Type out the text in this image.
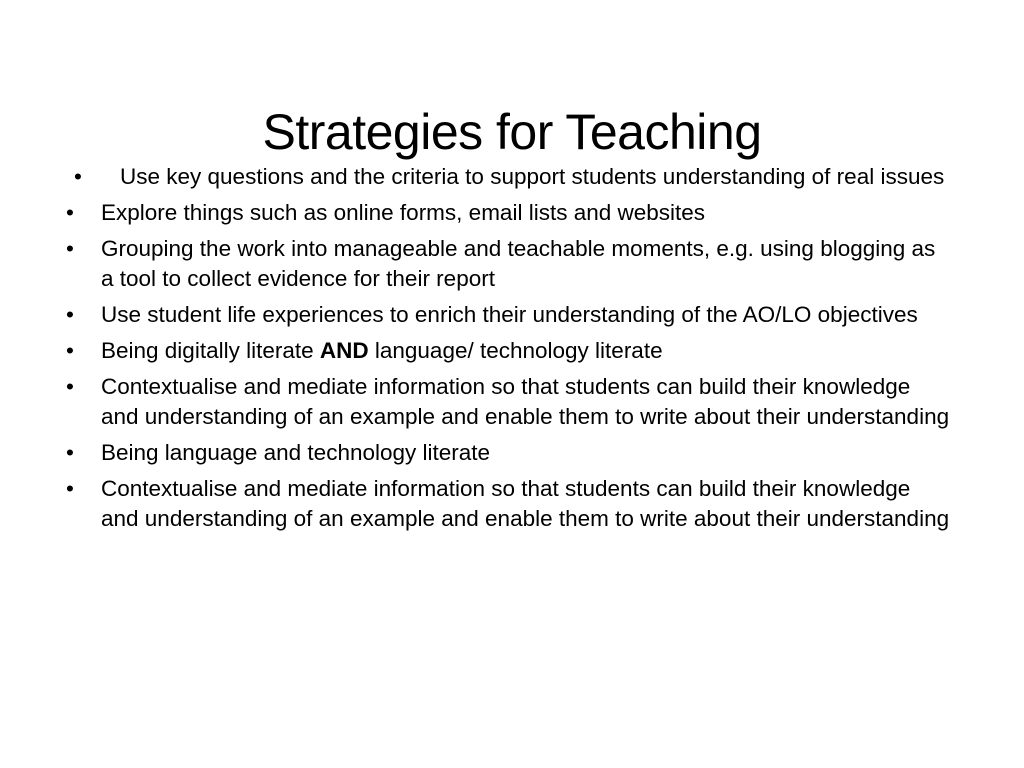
Strategies for Teaching
• Use key questions and the criteria to support students understanding of real issues
• Explore things such as online forms, email lists and websites
• Grouping the work into manageable and teachable moments, e.g. using blogging as a tool to collect evidence for their report
• Use student life experiences to enrich their understanding of the AO/LO objectives
• Being digitally literate AND language/ technology literate
• Contextualise and mediate information so that students can build their knowledge and understanding of an example and enable them to write about their understanding
• Being language and technology literate
• Contextualise and mediate information so that students can build their knowledge and understanding of an example and enable them to write about their understanding
